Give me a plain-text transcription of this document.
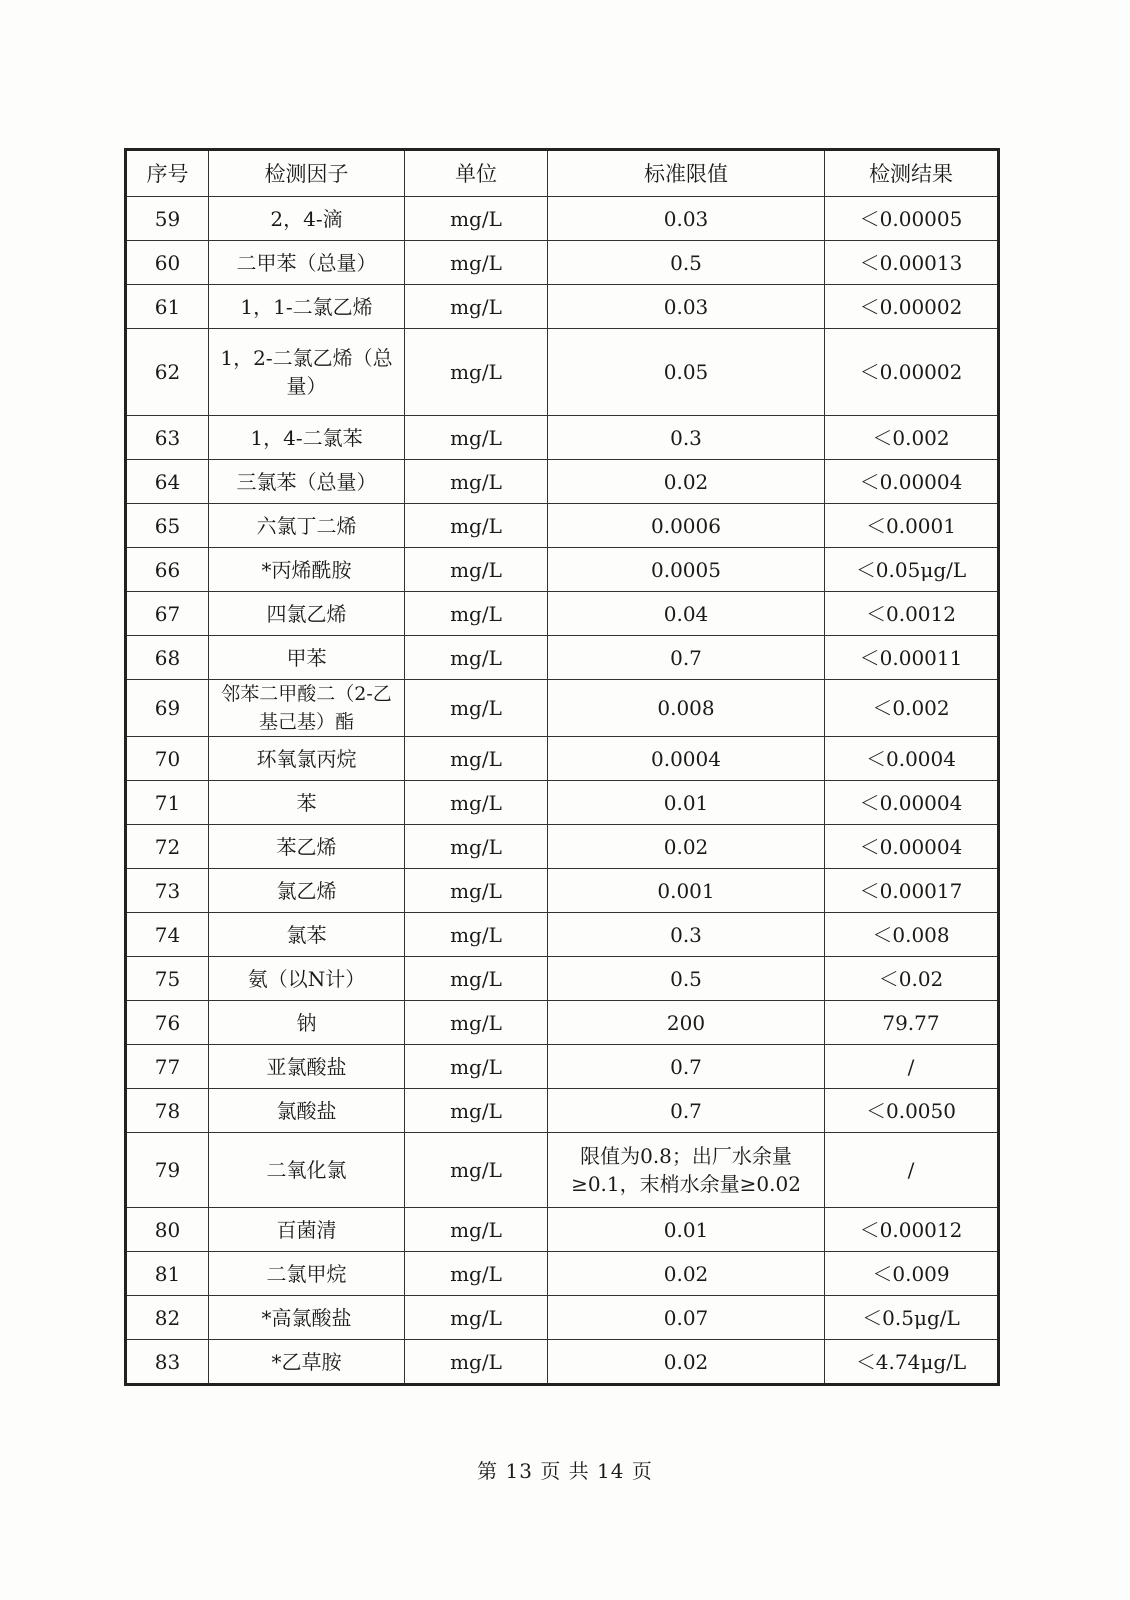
序号	检测因子	单位	标准限值	检测结果
59	2，4-滴	mg/L	0.03	＜0.00005
60	二甲苯（总量）	mg/L	0.5	＜0.00013
61	1，1-二氯乙烯	mg/L	0.03	＜0.00002
62	1，2-二氯乙烯（总量）	mg/L	0.05	＜0.00002
63	1，4-二氯苯	mg/L	0.3	＜0.002
64	三氯苯（总量）	mg/L	0.02	＜0.00004
65	六氯丁二烯	mg/L	0.0006	＜0.0001
66	*丙烯酰胺	mg/L	0.0005	＜0.05μg/L
67	四氯乙烯	mg/L	0.04	＜0.0012
68	甲苯	mg/L	0.7	＜0.00011
69	邻苯二甲酸二（2-乙基己基）酯	mg/L	0.008	＜0.002
70	环氧氯丙烷	mg/L	0.0004	＜0.0004
71	苯	mg/L	0.01	＜0.00004
72	苯乙烯	mg/L	0.02	＜0.00004
73	氯乙烯	mg/L	0.001	＜0.00017
74	氯苯	mg/L	0.3	＜0.008
75	氨（以N计）	mg/L	0.5	＜0.02
76	钠	mg/L	200	79.77
77	亚氯酸盐	mg/L	0.7	/
78	氯酸盐	mg/L	0.7	＜0.0050
79	二氧化氯	mg/L	限值为0.8；出厂水余量≥0.1，末梢水余量≥0.02	/
80	百菌清	mg/L	0.01	＜0.00012
81	二氯甲烷	mg/L	0.02	＜0.009
82	*高氯酸盐	mg/L	0.07	＜0.5μg/L
83	*乙草胺	mg/L	0.02	＜4.74μg/L
第 13 页 共 14 页
